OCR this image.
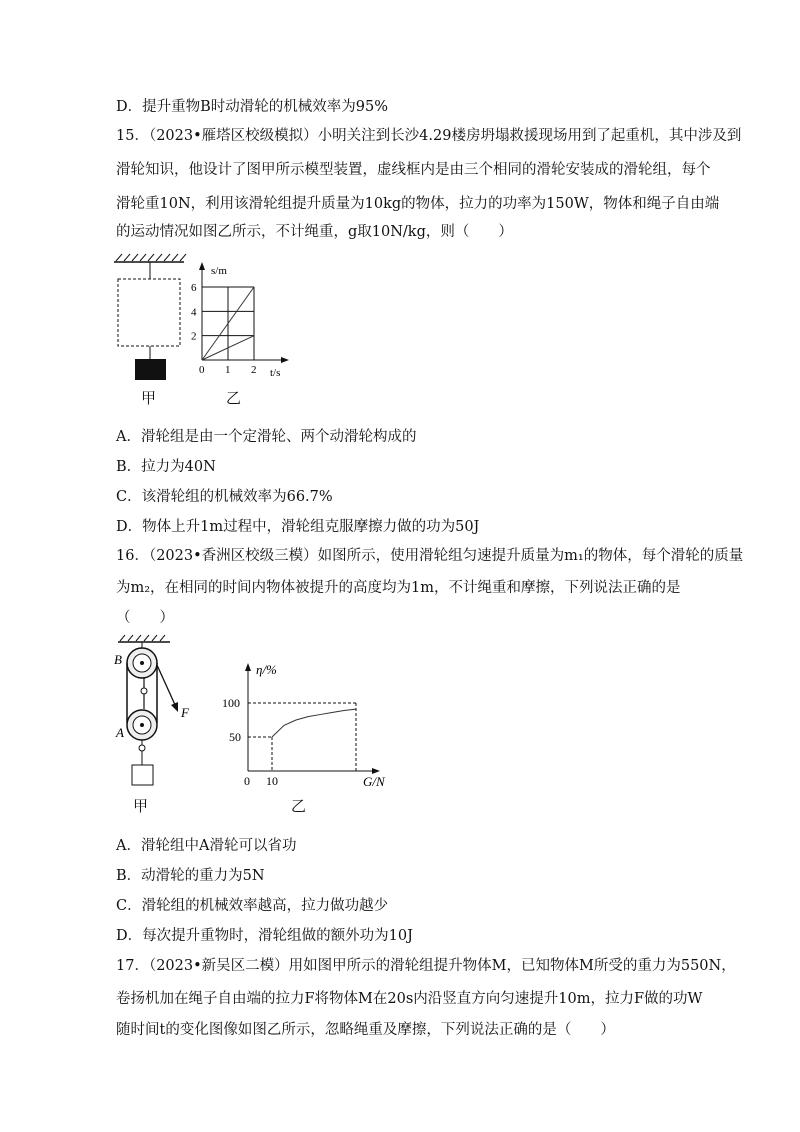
D．提升重物B时动滑轮的机械效率为95%
15．（2023•雁塔区校级模拟）小明关注到长沙4.29楼房坍塌救援现场用到了起重机，其中涉及到
滑轮知识，他设计了图甲所示模型装置，虚线框内是由三个相同的滑轮安装成的滑轮组，每个
滑轮重10N，利用该滑轮组提升质量为10kg的物体，拉力的功率为150W，物体和绳子自由端
的运动情况如图乙所示，不计绳重，g取10N/kg，则（　　）
甲
s/m
t/s
0 1 2
2
4
6
乙
A．滑轮组是由一个定滑轮、两个动滑轮构成的
B．拉力为40N
C．该滑轮组的机械效率为66.7%
D．物体上升1m过程中，滑轮组克服摩擦力做的功为50J
16．（2023•香洲区校级三模）如图所示，使用滑轮组匀速提升质量为m₁的物体，每个滑轮的质量
为m₂，在相同的时间内物体被提升的高度均为1m，不计绳重和摩擦，下列说法正确的是
（　　）
B
A
F
甲
η/%
G/N
0 10
50
100
乙
A．滑轮组中A滑轮可以省功
B．动滑轮的重力为5N
C．滑轮组的机械效率越高，拉力做功越少
D．每次提升重物时，滑轮组做的额外功为10J
17．（2023•新吴区二模）用如图甲所示的滑轮组提升物体M，已知物体M所受的重力为550N，
卷扬机加在绳子自由端的拉力F将物体M在20s内沿竖直方向匀速提升10m，拉力F做的功W
随时间t的变化图像如图乙所示，忽略绳重及摩擦，下列说法正确的是（　　）
